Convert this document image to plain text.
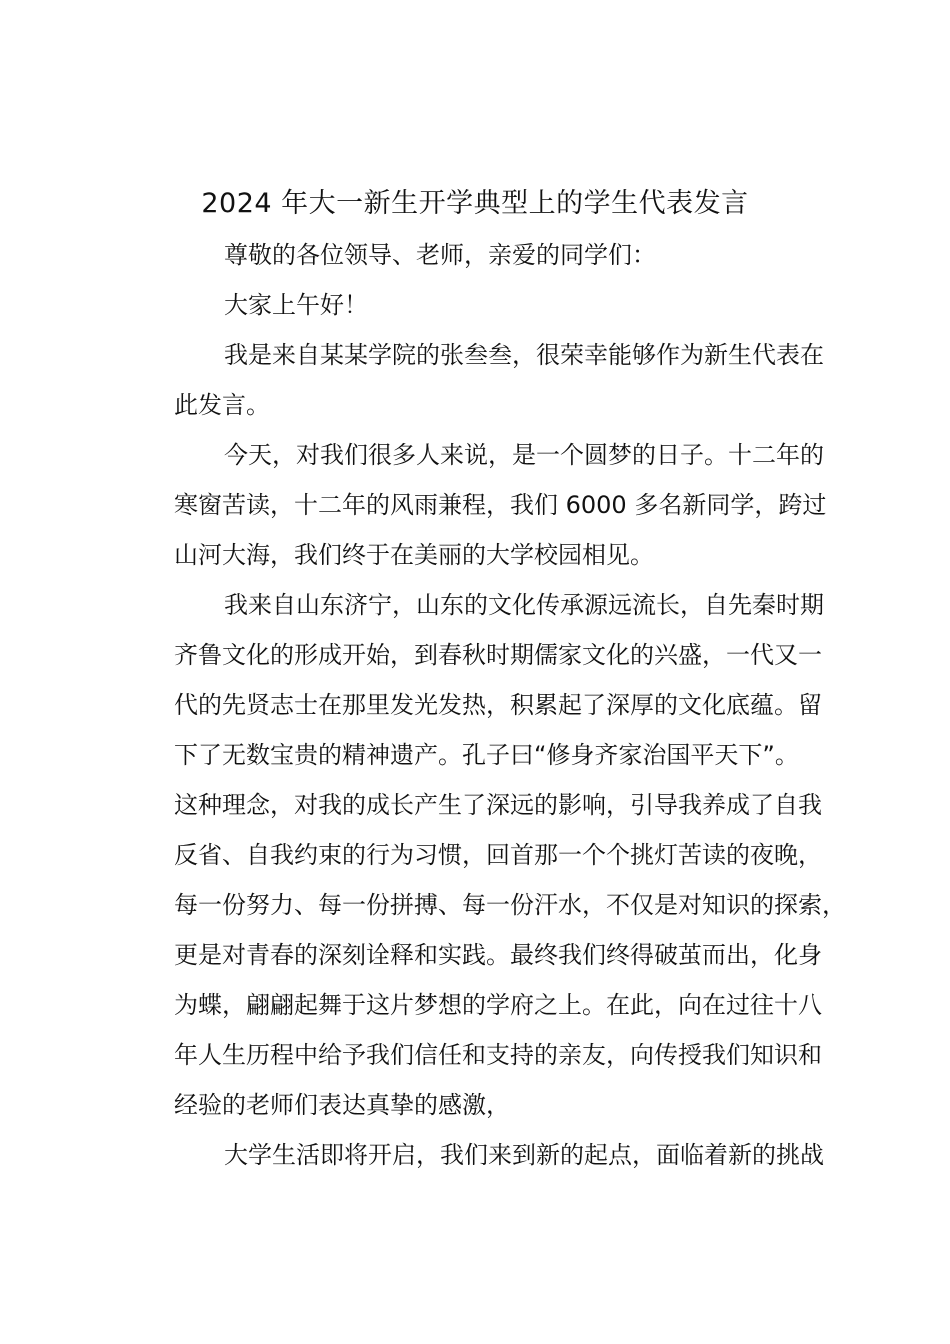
2024 年大一新生开学典型上的学生代表发言

尊敬的各位领导、老师，亲爱的同学们：

大家上午好！

我是来自某某学院的张叁叁，很荣幸能够作为新生代表在
此发言。

今天，对我们很多人来说，是一个圆梦的日子。十二年的
寒窗苦读，十二年的风雨兼程，我们 6000 多名新同学，跨过
山河大海，我们终于在美丽的大学校园相见。

我来自山东济宁，山东的文化传承源远流长，自先秦时期
齐鲁文化的形成开始，到春秋时期儒家文化的兴盛，一代又一
代的先贤志士在那里发光发热，积累起了深厚的文化底蕴。留
下了无数宝贵的精神遗产。孔子曰“修身齐家治国平天下”。
这种理念，对我的成长产生了深远的影响，引导我养成了自我
反省、自我约束的行为习惯，回首那一个个挑灯苦读的夜晚，
每一份努力、每一份拼搏、每一份汗水，不仅是对知识的探索，
更是对青春的深刻诠释和实践。最终我们终得破茧而出，化身
为蝶，翩翩起舞于这片梦想的学府之上。在此，向在过往十八
年人生历程中给予我们信任和支持的亲友，向传授我们知识和
经验的老师们表达真挚的感激，

大学生活即将开启，我们来到新的起点，面临着新的挑战
